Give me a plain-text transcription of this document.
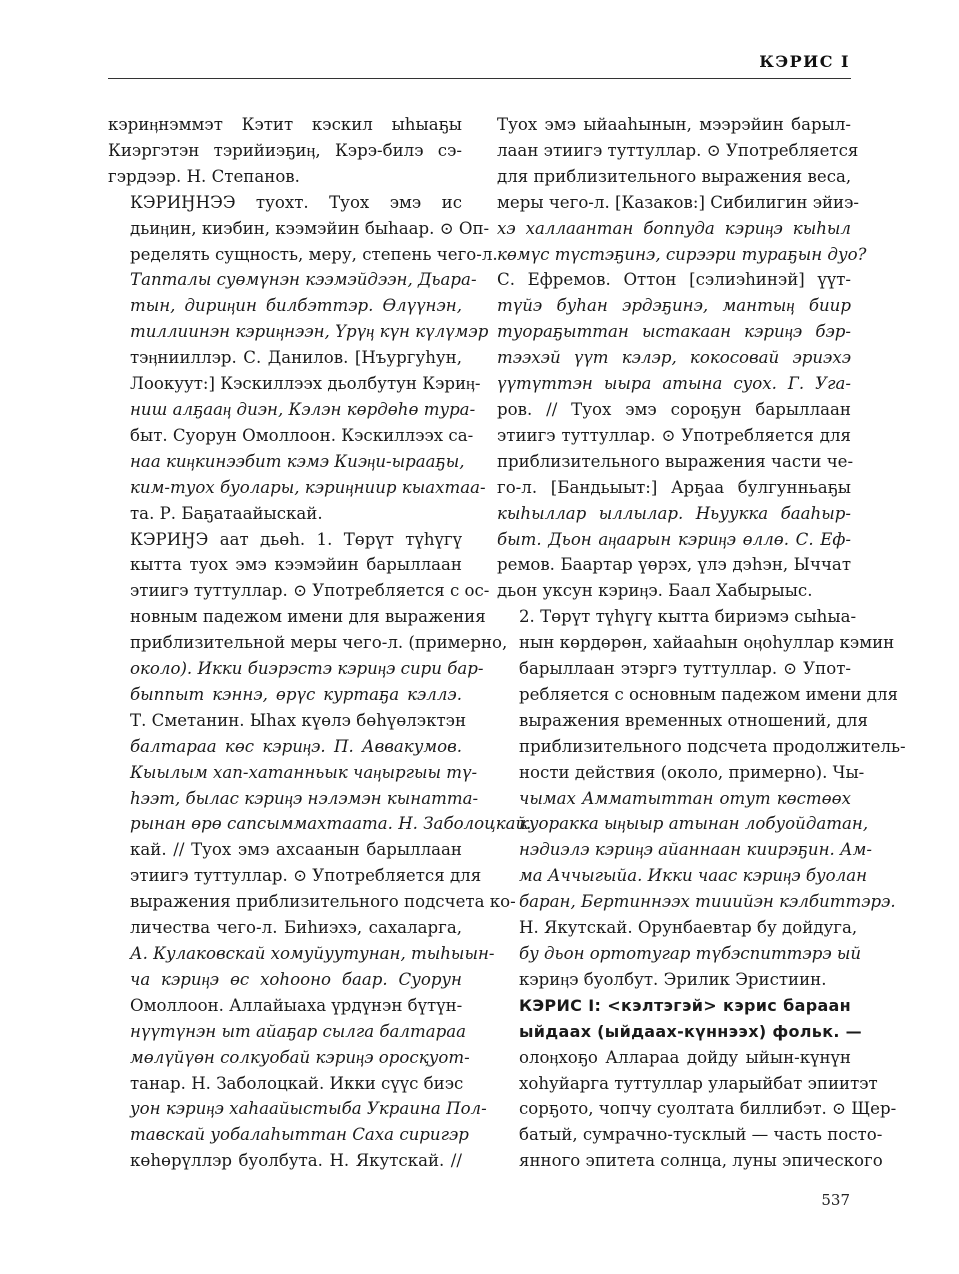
КЭРИС I

кэриӊнэммэт Кэтит кэскил ыһыаҕы
Киэргэтэн тэрийиэҕиӊ, Кэрэ-билэ сэ-
гэрдээр. Н. Степанов.

КЭРИӇНЭЭ туохт. Туох эмэ ис
дьиӊин, киэбин, кээмэйин быһаар. ⊙ Оп-
ределять сущность, меру, степень чего-л.
Тапталы суөмүнэн кээмэйдээн, Дьара-
тын, дириӊин билбэттэр. Өлүүнэн,
тиллиинэн кэриӊнээн, Үрүӊ күн күлүмэр
тэӊнииллэр. С. Данилов. [Нъургуһун,
Лоокуут:] Кэскиллээх дьолбутун Кэриӊ-
ниш алҕааӊ диэн, Кэлэн көрдөһө тура-
быт. Суорун Омоллоон. Кэскиллээх са-
наа киӊкинээбит кэмэ Киэӊи-ырааҕы,
ким-туох буолары, кэриӊниир кыахтаа-
та. Р. Баҕатаайыскай.

КЭРИӇЭ аат дьөһ. 1. Төрүт түһүгү
кытта туох эмэ кээмэйин барыллаан
этиигэ туттуллар. ⊙ Употребляется с ос-
новным падежом имени для выражения
приблизительной меры чего-л. (примерно,
около). Икки биэрэстэ кэриӊэ сири бар-
быппыт кэннэ, өрүс куртаҕа кэллэ.
Т. Сметанин. Ыһах күөлэ бөһүөлэктэн
балтараа көс кэриӊэ. П. Аввакумов.
Кыылым хап-хатанньык чаӊыргыы тү-
һээт, былас кэриӊэ нэлэмэн кынатта-
рынан өрө сапсыммахтаата. Н. Заболоцкай.
кай. // Туох эмэ ахсаанын барыллаан
этиигэ туттуллар. ⊙ Употребляется для
выражения приблизительного подсчета ко-
личества чего-л. Биһиэхэ, сахаларга,
А. Кулаковскай хомуйуутунан, тыһыын-
ча кэриӊэ өс хоһооно баар. Суорун
Омоллоон. Аллайыаха үрдүнэн бүтүн-
нүүтүнэн ыт айаҕар сылга балтараа
мөлүйүөн солкуобай кэриӊэ оросқуот-
танар. Н. Заболоцкай. Икки сүүс биэс
уон кэриӊэ хаһаайыстыба Украина Пол-
тавскай уобалаһыттан Саха сиригэр
көһөрүллэр буолбута. Н. Якутскай. //

Туох эмэ ыйааһынын, мээрэйин барыл-
лаан этиигэ туттуллар. ⊙ Употребляется
для приблизительного выражения веса,
меры чего-л. [Казаков:] Сибилигин эйиэ-
хэ халлаантан боппуда кэриӊэ кыһыл
көмүс түстэҕинэ, сирээри тураҕын дуо?
С. Ефремов. Оттон [сэлиэһинэй] үүт-
түйэ буһан эрдэҕинэ, мантыӊ биир
туораҕыттан ыстакаан кэриӊэ бэр-
тээхэй үүт кэлэр, кокосовай эриэхэ
үүтүттэн ыыра атына суох. Г. Уга-
ров. // Туох эмэ сороҕун барыллаан
этиигэ туттуллар. ⊙ Употребляется для
приблизительного выражения части че-
го-л. [Бандьыыт:] Арҕаа булгунньаҕы
кыһыллар ыллылар. Ньуукка бааһыр-
быт. Дьон аӊаарын кэриӊэ өллө. С. Еф-
ремов. Баартар үөрэх, үлэ дэһэн, Ыччат
дьон уксун кэриӊэ. Баал Хабырыыс.

2. Төрүт түһүгү кытта бириэмэ сыһыа-
нын көрдөрөн, хайааһын оӊоһуллар кэмин
барыллаан этэргэ туттуллар. ⊙ Упот-
ребляется с основным падежом имени для
выражения временных отношений, для
приблизительного подсчета продолжитель-
ности действия (около, примерно). Чы-
чымах Амматыттан отут көстөөх
куоракка ыӊыыр атынан лобуойдатан,
нэдиэлэ кэриӊэ айаннаан киирэҕин. Ам-
ма Аччыгыйа. Икки чаас кэриӊэ буолан
баран, Бертиннээх тииийэн кэлбиттэрэ.
Н. Якутскай. Орунбаевтар бу дойдуга,
бу дьон ортотугар түбэспиттэрэ ый
кэриӊэ буолбут. Эрилик Эристиин.

КЭРИС I: <кэлтэгэй> кэрис бараан
ыйдаах (ыйдаах-күннээх) фольк. —
олоӊхоҕо Аллараа дойду ыйын-күнүн
хоһуйарга туттуллар уларыйбат эпиитэт
сорҕото, чопчу суолтата биллибэт. ⊙ Щер-
батый, сумрачно-тусклый — часть посто-
янного эпитета солнца, луны эпического

537
